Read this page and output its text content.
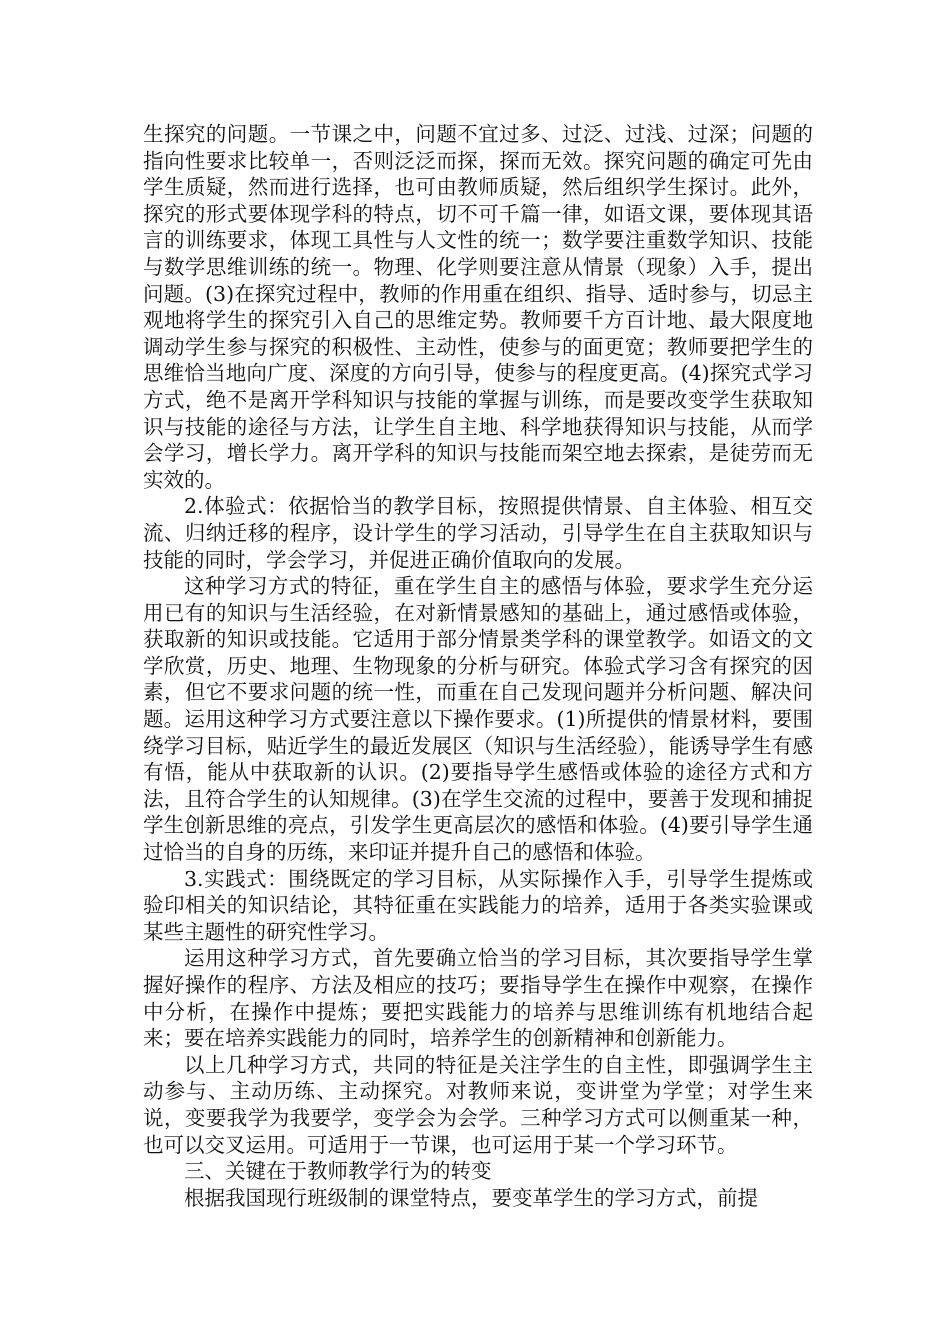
生探究的问题。一节课之中，问题不宜过多、过泛、过浅、过深；问题的指向性要求比较单一，否则泛泛而探，探而无效。探究问题的确定可先由学生质疑，然而进行选择，也可由教师质疑，然后组织学生探讨。此外，探究的形式要体现学科的特点，切不可千篇一律，如语文课，要体现其语言的训练要求，体现工具性与人文性的统一；数学要注重数学知识、技能与数学思维训练的统一。物理、化学则要注意从情景（现象）入手，提出问题。(3)在探究过程中，教师的作用重在组织、指导、适时参与，切忌主观地将学生的探究引入自己的思维定势。教师要千方百计地、最大限度地调动学生参与探究的积极性、主动性，使参与的面更宽；教师要把学生的思维恰当地向广度、深度的方向引导，使参与的程度更高。(4)探究式学习方式，绝不是离开学科知识与技能的掌握与训练，而是要改变学生获取知识与技能的途径与方法，让学生自主地、科学地获得知识与技能，从而学会学习，增长学力。离开学科的知识与技能而架空地去探索，是徒劳而无实效的。

2.体验式：依据恰当的教学目标，按照提供情景、自主体验、相互交流、归纳迁移的程序，设计学生的学习活动，引导学生在自主获取知识与技能的同时，学会学习，并促进正确价值取向的发展。

这种学习方式的特征，重在学生自主的感悟与体验，要求学生充分运用已有的知识与生活经验，在对新情景感知的基础上，通过感悟或体验，获取新的知识或技能。它适用于部分情景类学科的课堂教学。如语文的文学欣赏，历史、地理、生物现象的分析与研究。体验式学习含有探究的因素，但它不要求问题的统一性，而重在自己发现问题并分析问题、解决问题。运用这种学习方式要注意以下操作要求。(1)所提供的情景材料，要围绕学习目标，贴近学生的最近发展区（知识与生活经验），能诱导学生有感有悟，能从中获取新的认识。(2)要指导学生感悟或体验的途径方式和方法，且符合学生的认知规律。(3)在学生交流的过程中，要善于发现和捕捉学生创新思维的亮点，引发学生更高层次的感悟和体验。(4)要引导学生通过恰当的自身的历练，来印证并提升自己的感悟和体验。

3.实践式：围绕既定的学习目标，从实际操作入手，引导学生提炼或验印相关的知识结论，其特征重在实践能力的培养，适用于各类实验课或某些主题性的研究性学习。

运用这种学习方式，首先要确立恰当的学习目标，其次要指导学生掌握好操作的程序、方法及相应的技巧；要指导学生在操作中观察，在操作中分析，在操作中提炼；要把实践能力的培养与思维训练有机地结合起来；要在培养实践能力的同时，培养学生的创新精神和创新能力。

以上几种学习方式，共同的特征是关注学生的自主性，即强调学生主动参与、主动历练、主动探究。对教师来说，变讲堂为学堂；对学生来说，变要我学为我要学，变学会为会学。三种学习方式可以侧重某一种，也可以交叉运用。可适用于一节课，也可运用于某一个学习环节。

三、关键在于教师教学行为的转变

根据我国现行班级制的课堂特点，要变革学生的学习方式，前提
